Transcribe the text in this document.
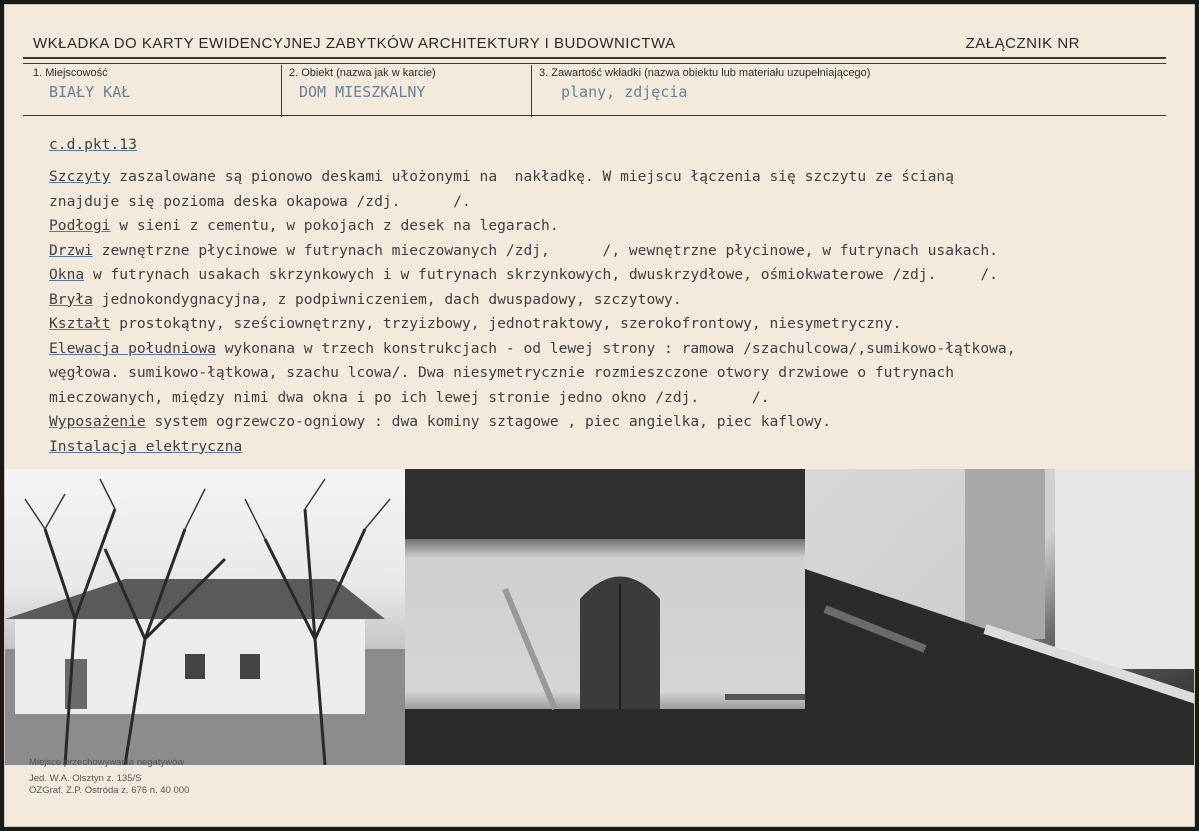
WKŁADKA DO KARTY EWIDENCYJNEJ ZABYTKÓW ARCHITEKTURY I BUDOWNICTWA	ZAŁĄCZNIK NR
1. Miejscowość
BIAŁY KAŁ
2. Obiekt (nazwa jak w karcie)
DOM MIESZKALNY
3. Zawartość wkładki (nazwa obiektu lub materiału uzupełniającego)
plany, zdjęcia
c.d.pkt.13
Szczyty zaszalowane są pionowo deskami ułożonymi na  nakładkę. W miejscu łączenia się szczytu ze ścianą
znajduje się pozioma deska okapowa /zdj.      /.
Podłogi w sieni z cementu, w pokojach z desek na legarach.
Drzwi zewnętrzne płycinowe w futrynach mieczowanych /zdj,      /, wewnętrzne płycinowe, w futrynach usakach.
Okna w futrynach usakach skrzynkowych i w futrynach skrzynkowych, dwuskrzydłowe, ośmiokwaterowe /zdj.     /.
Bryła jednokondygnacyjna, z podpiwniczeniem, dach dwuspadowy, szczytowy.
Kształt prostokątny, sześciownętrzny, trzyizbowy, jednotraktowy, szerokofrontowy, niesymetryczny.
Elewacja południowa wykonana w trzech konstrukcjach - od lewej strony : ramowa /szachulcowa/,sumikowo-łątkowa,
węgłowa. sumikowo-łątkowa, szachu lcowa/. Dwa niesymetrycznie rozmieszczone otwory drzwiowe o futrynach
mieczowanych, między nimi dwa okna i po ich lewej stronie jedno okno /zdj.      /.
Wyposażenie system ogrzewczo-ogniowy : dwa kominy sztagowe , piec angielka, piec kaflowy.
Instalacja elektryczna
Miejsce przechowywania negatywów
Jed. W.A. Olsztyn z. 135/S
OZGraf. Z.P. Ostróda z. 676 n. 40 000
